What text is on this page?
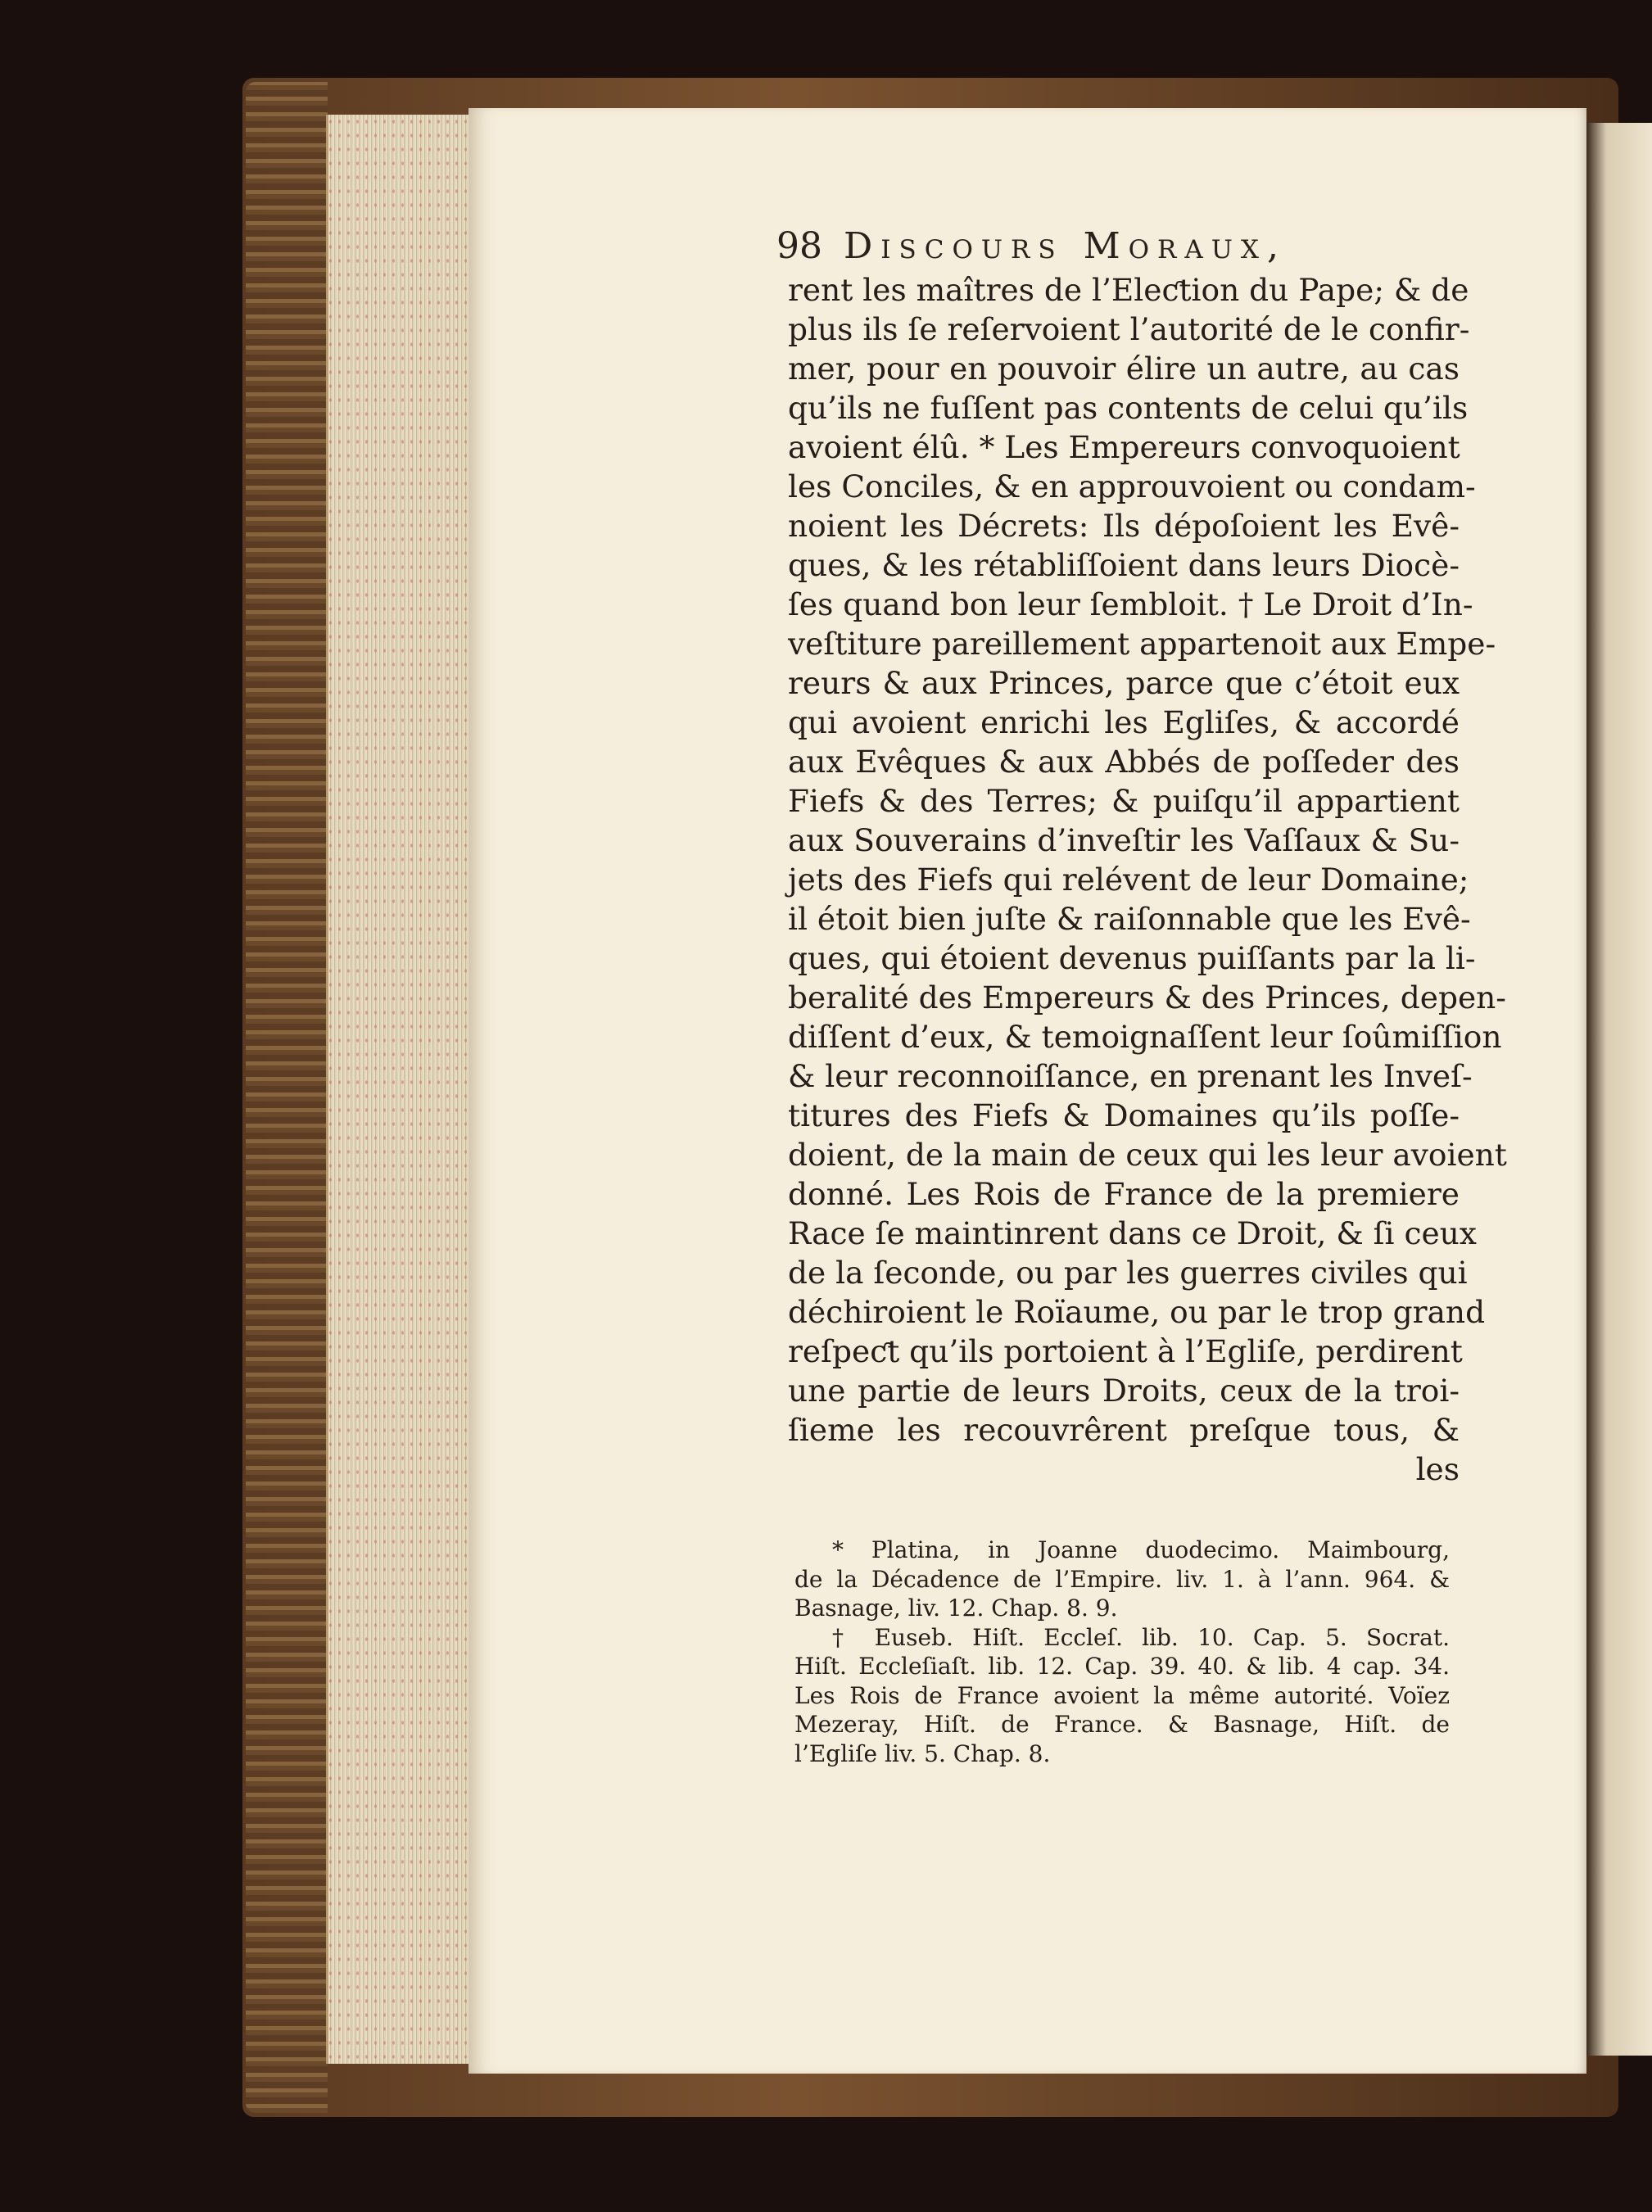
98 Discours Moraux,
rent les maîtres de l’Eleƈtion du Pape; & de
plus ils ſe reſervoient l’autorité de le confir-
mer, pour en pouvoir élire un autre, au cas
qu’ils ne fuſſent pas contents de celui qu’ils
avoient élû. * Les Empereurs convoquoient
les Conciles, & en approuvoient ou condam-
noient les Décrets: Ils dépoſoient les Evê-
ques, & les rétabliſſoient dans leurs Diocè-
ſes quand bon leur ſembloit. † Le Droit d’In-
veſtiture pareillement appartenoit aux Empe-
reurs & aux Princes, parce que c’étoit eux
qui avoient enrichi les Egliſes, & accordé
aux Evêques & aux Abbés de poſſeder des
Fiefs & des Terres; & puiſqu’il appartient
aux Souverains d’inveſtir les Vaſſaux & Su-
jets des Fiefs qui relévent de leur Domaine;
il étoit bien juſte & raiſonnable que les Evê-
ques, qui étoient devenus puiſſants par la li-
beralité des Empereurs & des Princes, depen-
diſſent d’eux, & temoignaſſent leur ſoûmiſſion
& leur reconnoiſſance, en prenant les Inveſ-
titures des Fiefs & Domaines qu’ils poſſe-
doient, de la main de ceux qui les leur avoient
donné. Les Rois de France de la premiere
Race ſe maintinrent dans ce Droit, & ſi ceux
de la ſeconde, ou par les guerres civiles qui
déchiroient le Roïaume, ou par le trop grand
reſpeƈt qu’ils portoient à l’Egliſe, perdirent
une partie de leurs Droits, ceux de la troi-
ſieme les recouvrêrent preſque tous, &
les
* Platina, in Joanne duodecimo. Maimbourg,
de la Décadence de l’Empire. liv. 1. à l’ann. 964. &
Basnage, liv. 12. Chap. 8. 9.
† Euseb. Hiſt. Eccleſ. lib. 10. Cap. 5. Socrat.
Hiſt. Eccleſiaſt. lib. 12. Cap. 39. 40. & lib. 4 cap. 34.
Les Rois de France avoient la même autorité. Voïez
Mezeray, Hiſt. de France. & Basnage, Hiſt. de
l’Egliſe liv. 5. Chap. 8.
